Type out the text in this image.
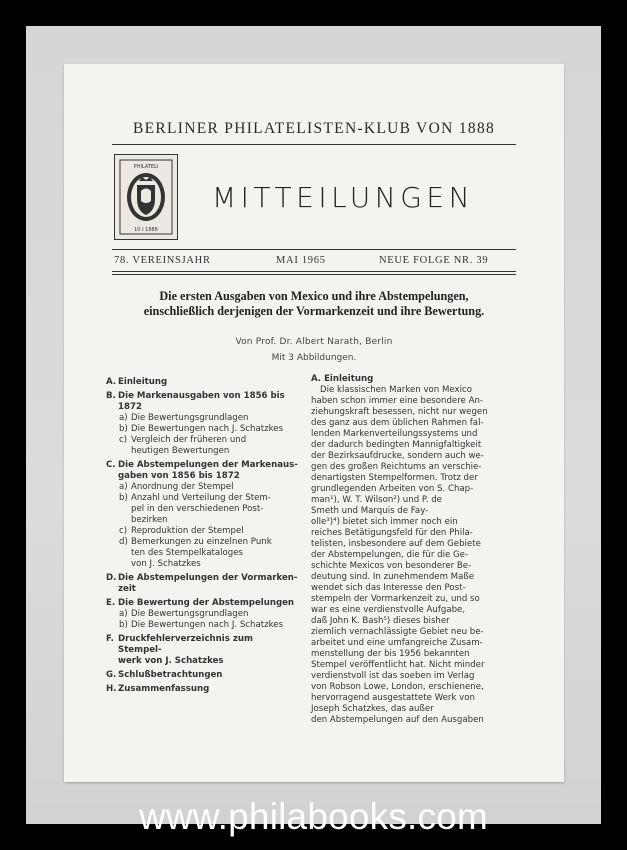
BERLINER PHILATELISTEN-KLUB VON 1888
PHILATELI
10 I 1888
MITTEILUNGEN
78. VEREINSJAHR	MAI 1965	NEUE FOLGE NR. 39
Die ersten Ausgaben von Mexico und ihre Abstempelungen,
einschließlich derjenigen der Vormarkenzeit und ihre Bewertung.
Von Prof. Dr. Albert Narath, Berlin
Mit 3 Abbildungen.
A. Einleitung
B. Die Markenausgaben von 1856 bis
1872
a) Die Bewertungsgrundlagen
b) Die Bewertungen nach J. Schatzkes
c) Vergleich der früheren und
heutigen Bewertungen
C. Die Abstempelungen der Markenaus-
gaben von 1856 bis 1872
a) Anordnung der Stempel
b) Anzahl und Verteilung der Stem-
pel in den verschiedenen Post-
bezirken
c) Reproduktion der Stempel
d) Bemerkungen zu einzelnen Punk
ten des Stempelkataloges
von J. Schatzkes
D. Die Abstempelungen der Vormarken-
zeit
E. Die Bewertung der Abstempelungen
a) Die Bewertungsgrundlagen
b) Die Bewertungen nach J. Schatzkes
F. Druckfehlerverzeichnis zum Stempel-
werk von J. Schatzkes
G. Schlußbetrachtungen
H. Zusammenfassung
A. Einleitung
Die klassischen Marken von Mexico
haben schon immer eine besondere An-
ziehungskraft besessen, nicht nur wegen
des ganz aus dem üblichen Rahmen fal-
lenden Markenverteilungssystems und
der dadurch bedingten Mannigfaltigkeit
der Bezirksaufdrucke, sondern auch we-
gen des großen Reichtums an verschie-
denartigsten Stempelformen. Trotz der
grundlegenden Arbeiten von S. Chap-
man¹), W. T. Wilson²) und P. de
Smeth und Marquis de Fay-
olle³)⁴) bietet sich immer noch ein
reiches Betätigungsfeld für den Phila-
telisten, insbesondere auf dem Gebiete
der Abstempelungen, die für die Ge-
schichte Mexicos von besonderer Be-
deutung sind. In zunehmendem Maße
wendet sich das Interesse den Post-
stempeln der Vormarkenzeit zu, und so
war es eine verdienstvolle Aufgabe,
daß John K. Bash⁵) dieses bisher
ziemlich vernachlässigte Gebiet neu be-
arbeitet und eine umfangreiche Zusam-
menstellung der bis 1956 bekannten
Stempel veröffentlicht hat. Nicht minder
verdienstvoll ist das soeben im Verlag
von Robson Lowe, London, erschienene,
hervorragend ausgestattete Werk von
Joseph Schatzkes, das außer
den Abstempelungen auf den Ausgaben
www.philabooks.com
